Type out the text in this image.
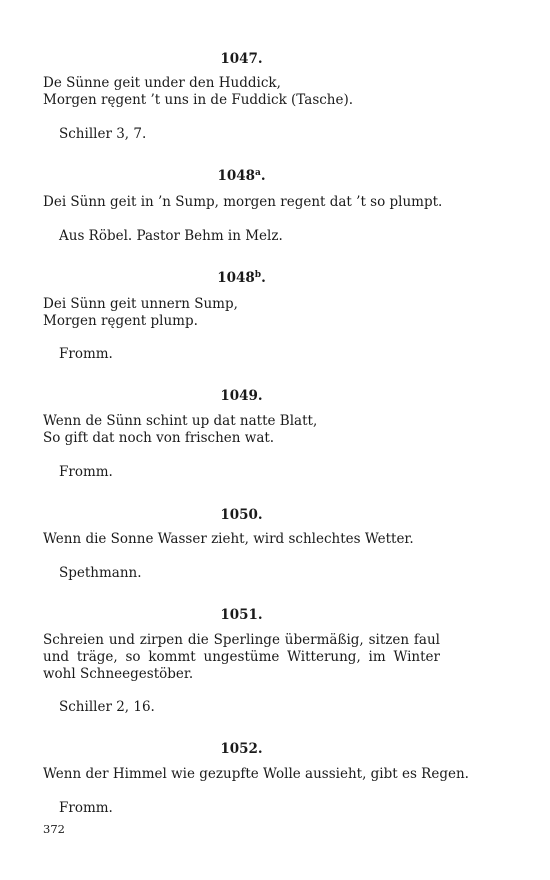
1047.
De Sünne geit under den Huddick,
Morgen ręgent ’t uns in de Fuddick (Tasche).
Schiller 3, 7.
1048$^a$.
Dei Sünn geit in ’n Sump, morgen regent dat ’t so plumpt.
Aus Röbel. Pastor Behm in Melz.
1048$^b$.
Dei Sünn geit unnern Sump,
Morgen ręgent plump.
Fromm.
1049.
Wenn de Sünn schint up dat natte Blatt,
So gift dat noch von frischen wat.
Fromm.
1050.
Wenn die Sonne Wasser zieht, wird schlechtes Wetter.
Spethmann.
1051.
Schreien und zirpen die Sperlinge übermäßig, sitzen faul und träge, so kommt ungestüme Witterung, im Winter wohl Schneegestöber.
Schiller 2, 16.
1052.
Wenn der Himmel wie gezupfte Wolle aussieht, gibt es Regen.
Fromm.
372
